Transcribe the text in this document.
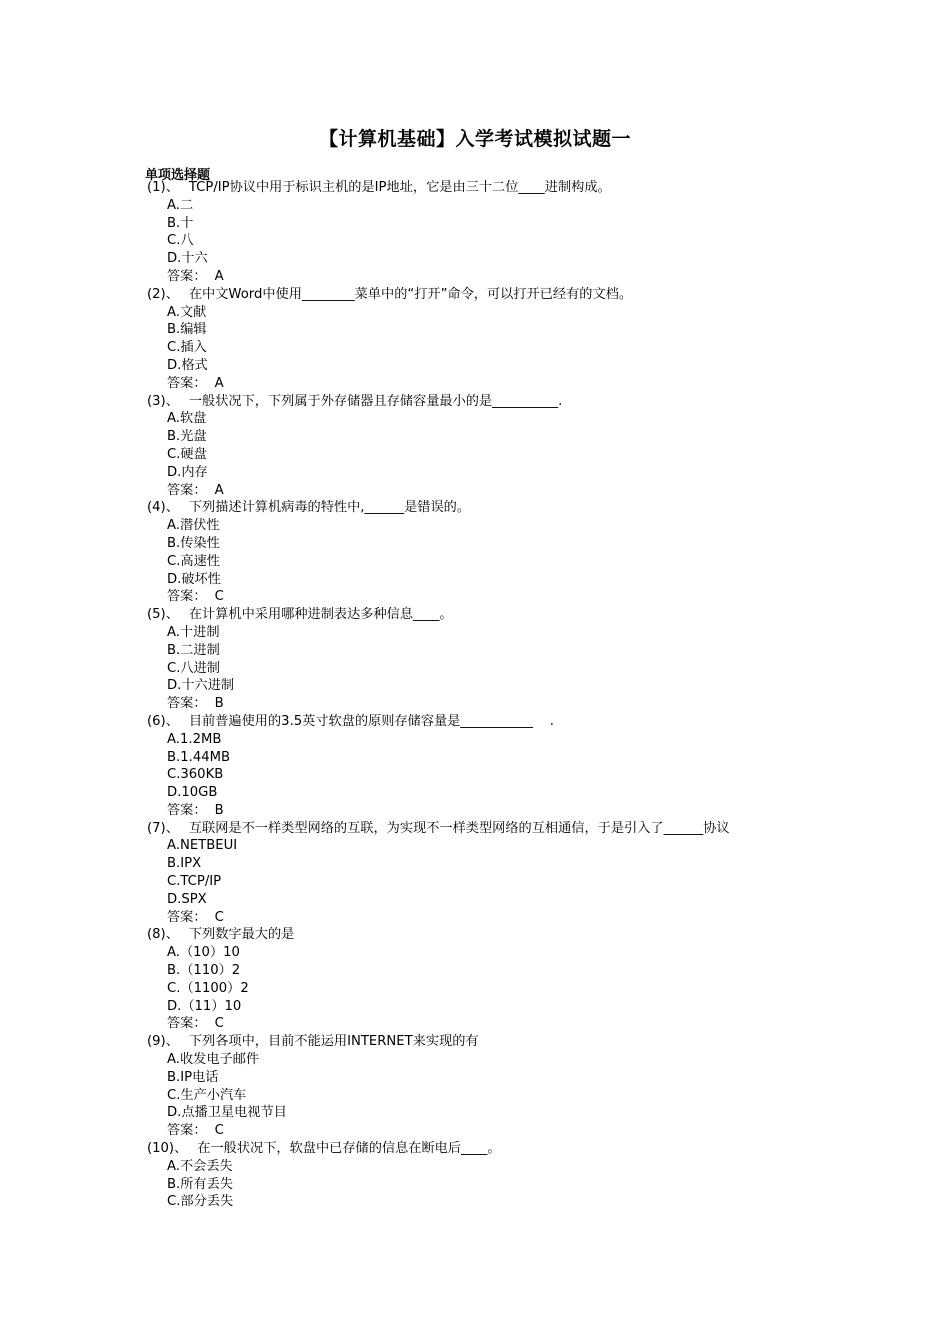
【计算机基础】入学考试模拟试题一
单项选择题
(1)、 TCP/IP协议中用于标识主机的是IP地址，它是由三十二位____进制构成。
A.二
B.十
C.八
D.十六
答案： A
(2)、 在中文Word中使用________菜单中的“打开”命令，可以打开已经有的文档。
A.文献
B.编辑
C.插入
D.格式
答案： A
(3)、 一般状况下，下列属于外存储器且存储容量最小的是__________.
A.软盘
B.光盘
C.硬盘
D.内存
答案： A
(4)、 下列描述计算机病毒的特性中,______是错误的。
A.潜伏性
B.传染性
C.高速性
D.破坏性
答案： C
(5)、 在计算机中采用哪种进制表达多种信息____。
A.十进制
B.二进制
C.八进制
D.十六进制
答案： B
(6)、 目前普遍使用的3.5英寸软盘的原则存储容量是___________    .
A.1.2MB
B.1.44MB
C.360KB
D.10GB
答案： B
(7)、 互联网是不一样类型网络的互联，为实现不一样类型网络的互相通信，于是引入了______协议
A.NETBEUI
B.IPX
C.TCP/IP
D.SPX
答案： C
(8)、 下列数字最大的是
A.（10）10
B.（110）2
C.（1100）2
D.（11）10
答案： C
(9)、 下列各项中，目前不能运用INTERNET来实现的有
A.收发电子邮件
B.IP电话
C.生产小汽车
D.点播卫星电视节目
答案： C
(10)、 在一般状况下，软盘中已存储的信息在断电后____。
A.不会丢失
B.所有丢失
C.部分丢失
